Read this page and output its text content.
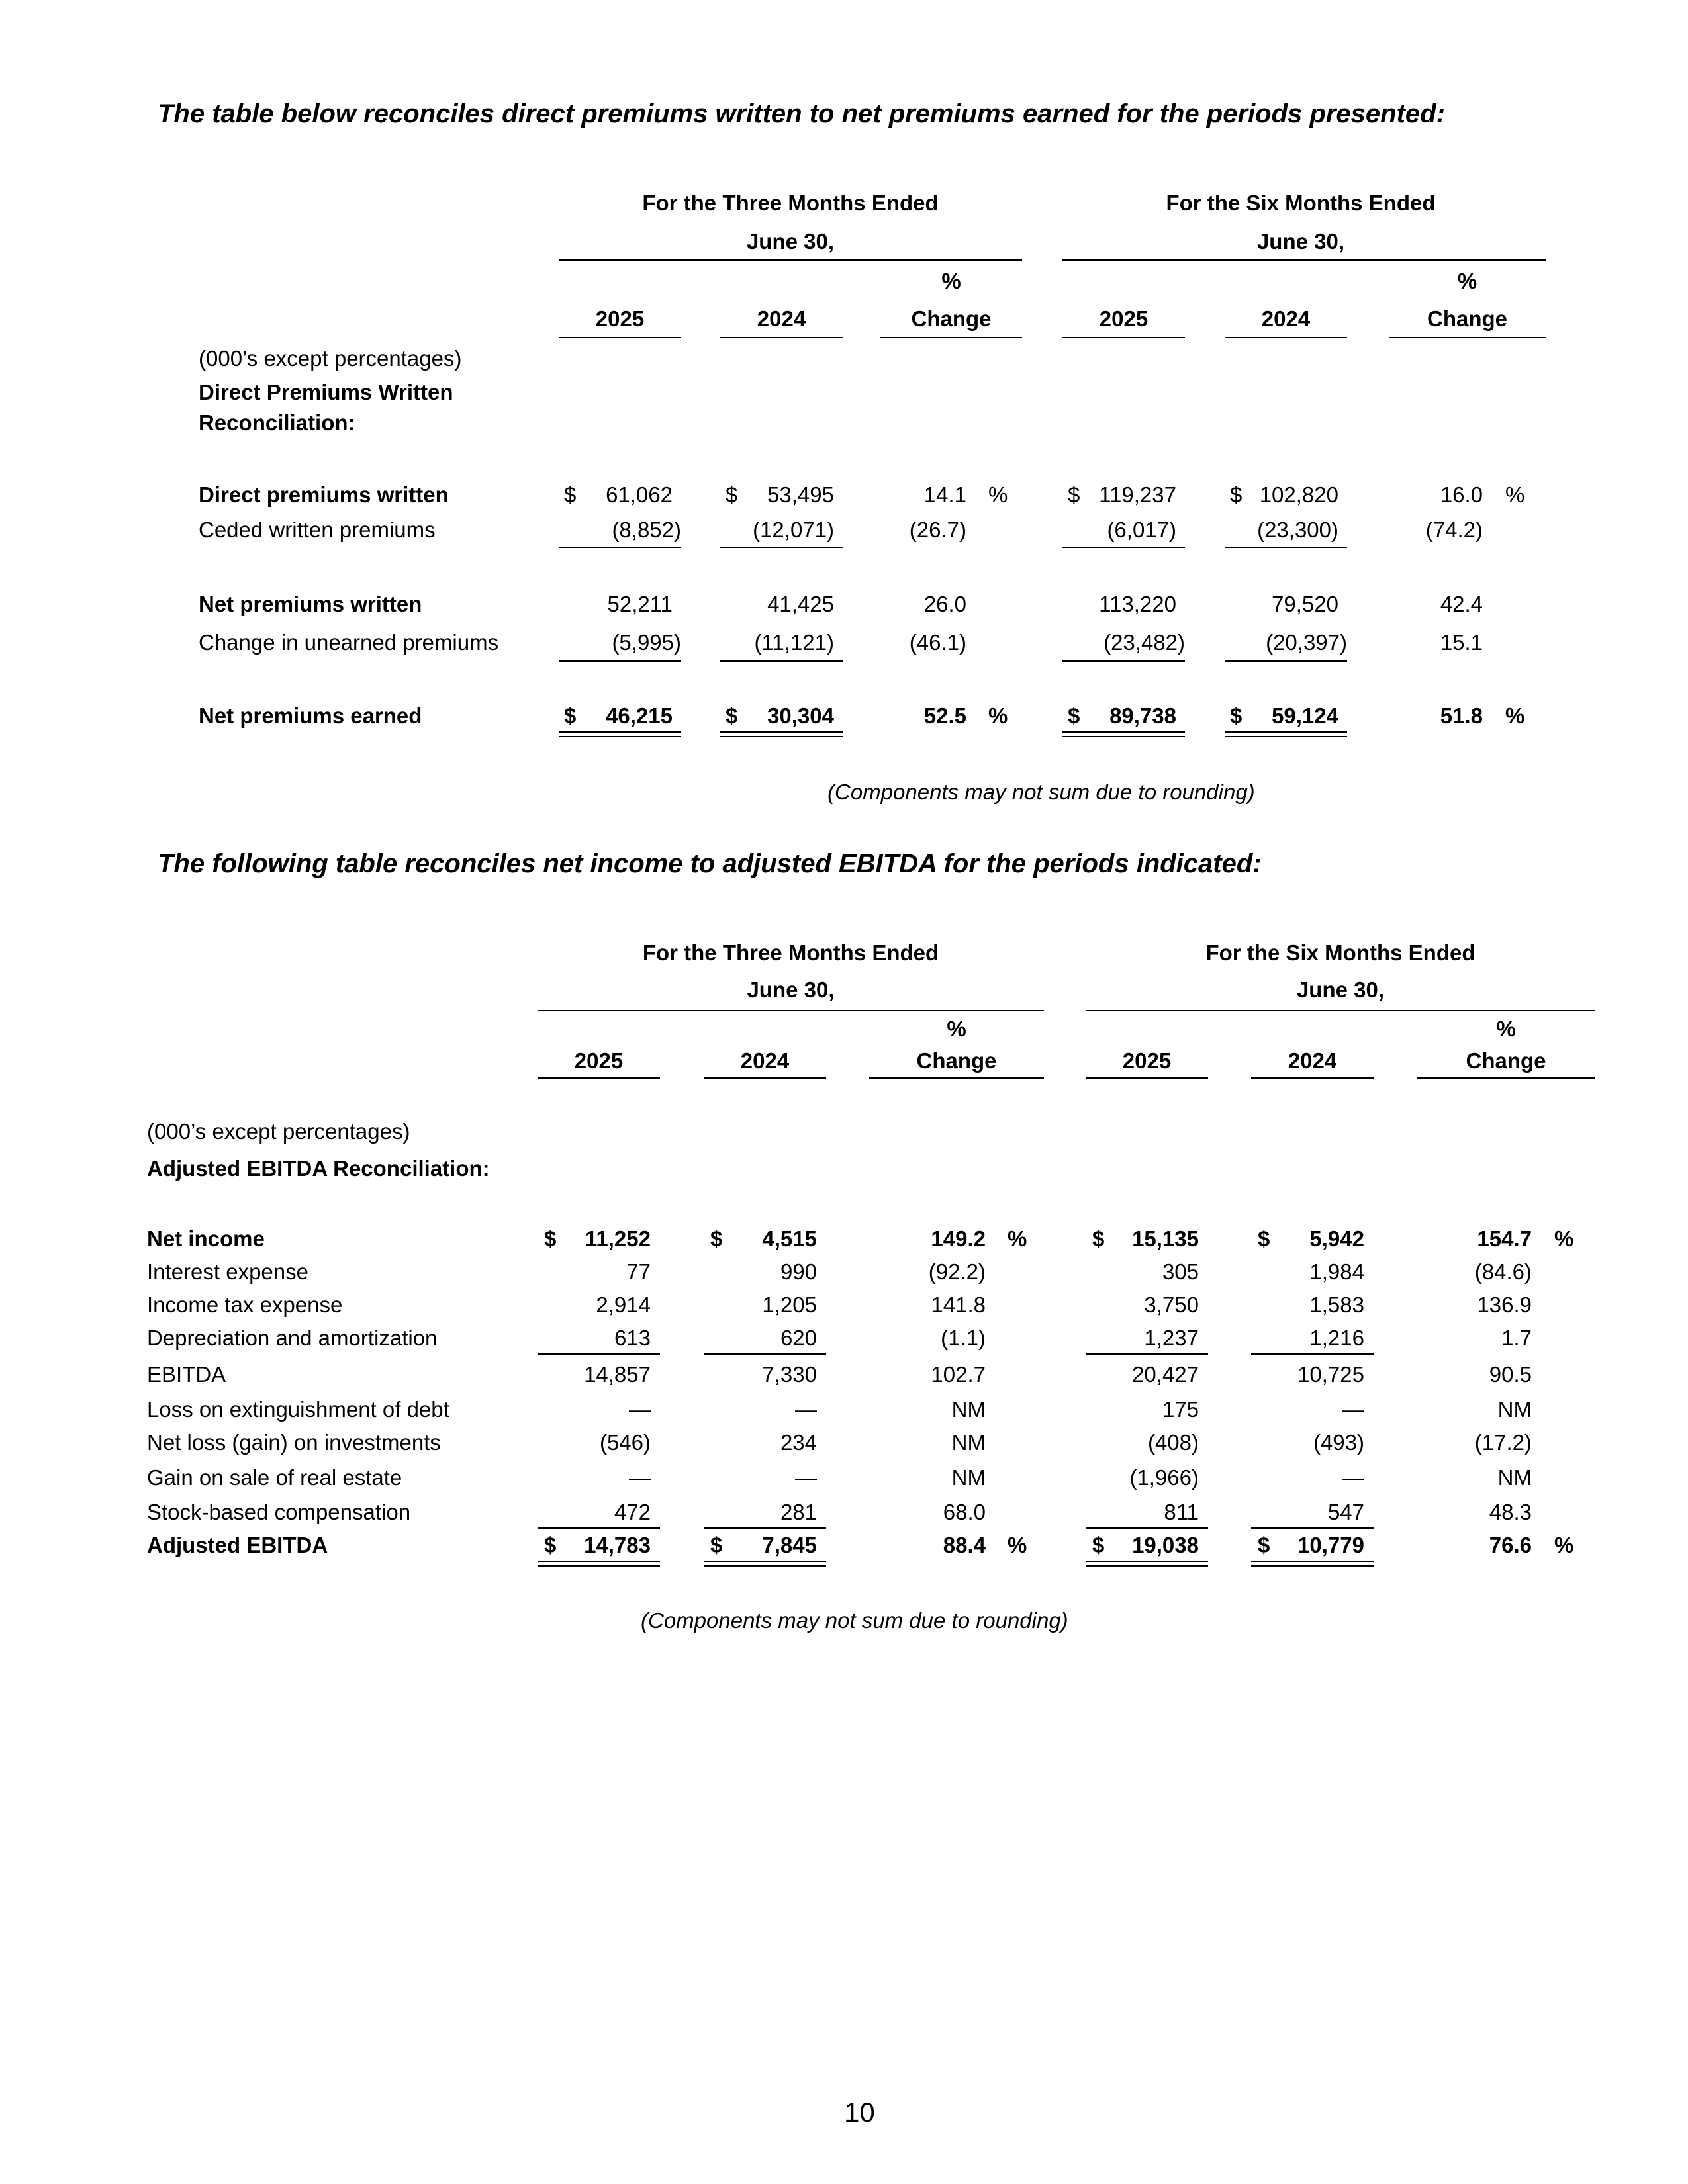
The table below reconciles direct premiums written to net premiums earned for the periods presented:
For the Three Months Ended
June 30,
For the Six Months Ended
June 30,
%	%
2025	2024	Change	2025	2024	Change
(000’s except percentages)
Direct Premiums Written
Reconciliation:
Direct premiums written	$	61,062 $	53,495	14.1 %	$ 119,237 $ 102,820	16.0 %
Ceded written premiums	(8,852)	(12,071)	(26.7)	(6,017)	(23,300)	(74.2)
Net premiums written	52,211	41,425	26.0	113,220	79,520	42.4
Change in unearned premiums	(5,995)	(11,121)	(46.1)	(23,482)	(20,397)	15.1
Net premiums earned	$	46,215 $	30,304	52.5 %	$	89,738 $	59,124	51.8 %
(Components may not sum due to rounding)
The following table reconciles net income to adjusted EBITDA for the periods indicated:
For the Three Months Ended
June 30,
For the Six Months Ended
June 30,
%	%
2025	2024	Change	2025	2024	Change
(000’s except percentages)
Adjusted EBITDA Reconciliation:
Net income	$	11,252	$	4,515	149.2 %	$	15,135	$	5,942	154.7 %
Interest expense	77	990	(92.2)	305	1,984	(84.6)
Income tax expense	2,914	1,205	141.8	3,750	1,583	136.9
Depreciation and amortization	613	620	(1.1)	1,237	1,216	1.7
EBITDA	14,857	7,330	102.7	20,427	10,725	90.5
Loss on extinguishment of debt	—	—	NM	175	—	NM
Net loss (gain) on investments	(546)	234	NM	(408)	(493)	(17.2)
Gain on sale of real estate	—	—	NM	(1,966)	—	NM
Stock-based compensation	472	281	68.0	811	547	48.3
Adjusted EBITDA	$	14,783	$	7,845	88.4 %	$	19,038	$	10,779	76.6 %
(Components may not sum due to rounding)
10
